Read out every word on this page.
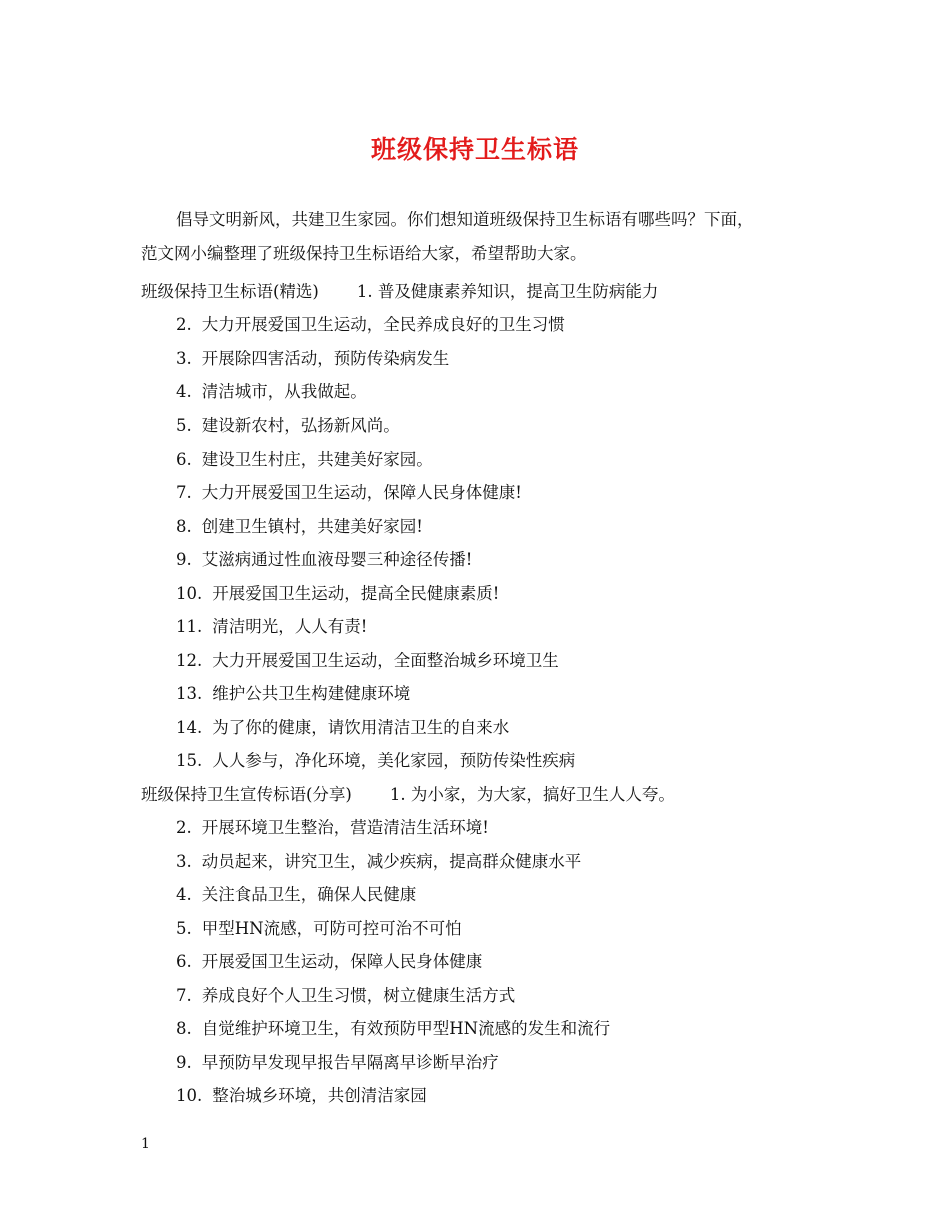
班级保持卫生标语
倡导文明新风，共建卫生家园。你们想知道班级保持卫生标语有哪些吗？下面，
范文网小编整理了班级保持卫生标语给大家，希望帮助大家。
班级保持卫生标语(精选) 1. 普及健康素养知识，提高卫生防病能力
2. 大力开展爱国卫生运动，全民养成良好的卫生习惯
3. 开展除四害活动，预防传染病发生
4. 清洁城市，从我做起。
5. 建设新农村，弘扬新风尚。
6. 建设卫生村庄，共建美好家园。
7. 大力开展爱国卫生运动，保障人民身体健康!
8. 创建卫生镇村，共建美好家园!
9. 艾滋病通过性血液母婴三种途径传播!
10. 开展爱国卫生运动，提高全民健康素质!
11. 清洁明光，人人有责!
12. 大力开展爱国卫生运动，全面整治城乡环境卫生
13. 维护公共卫生构建健康环境
14. 为了你的健康，请饮用清洁卫生的自来水
15. 人人参与，净化环境，美化家园，预防传染性疾病
班级保持卫生宣传标语(分享) 1. 为小家，为大家，搞好卫生人人夸。
2. 开展环境卫生整治，营造清洁生活环境!
3. 动员起来，讲究卫生，减少疾病，提高群众健康水平
4. 关注食品卫生，确保人民健康
5. 甲型HN流感，可防可控可治不可怕
6. 开展爱国卫生运动，保障人民身体健康
7. 养成良好个人卫生习惯，树立健康生活方式
8. 自觉维护环境卫生，有效预防甲型HN流感的发生和流行
9. 早预防早发现早报告早隔离早诊断早治疗
10. 整治城乡环境，共创清洁家园
1
